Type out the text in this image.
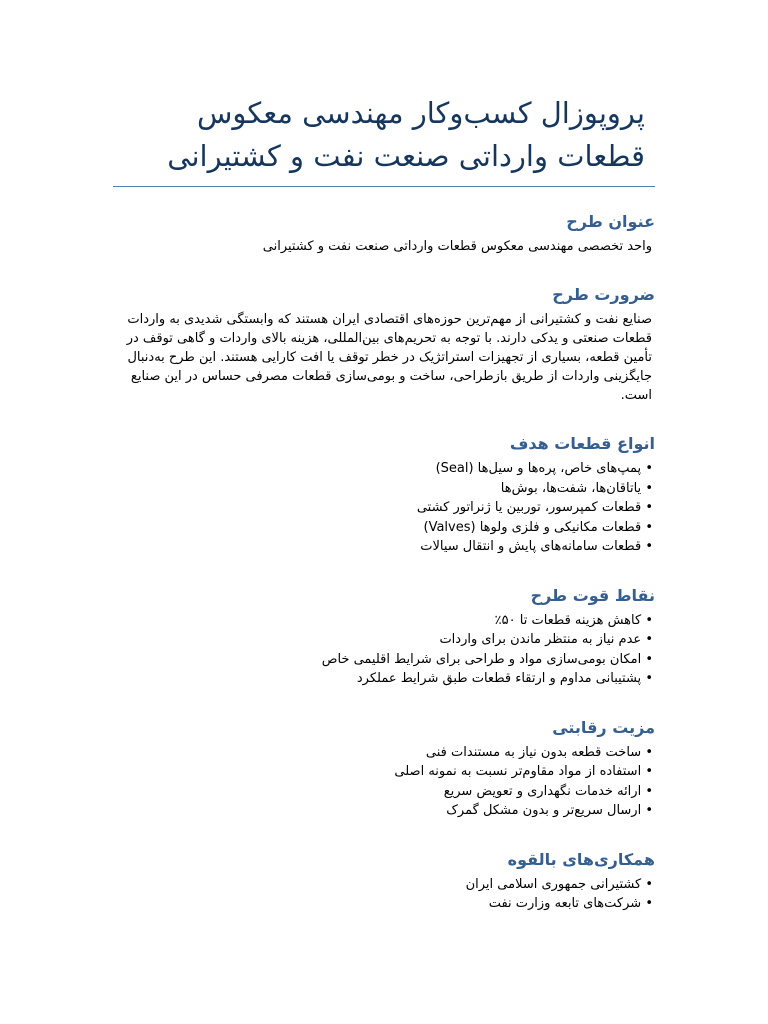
پروپوزال کسب‌وکار مهندسی معکوس قطعات وارداتی صنعت نفت و کشتیرانی
عنوان طرح

واحد تخصصی مهندسی معکوس قطعات وارداتی صنعت نفت و کشتیرانی

ضرورت طرح

صنایع نفت و کشتیرانی از مهم‌ترین حوزه‌های اقتصادی ایران هستند که وابستگی شدیدی به واردات قطعات صنعتی و یدکی دارند. با توجه به تحریم‌های بین‌المللی، هزینه بالای واردات و گاهی توقف در تأمین قطعه، بسیاری از تجهیزات استراتژیک در خطر توقف یا افت کارایی هستند. این طرح به‌دنبال جایگزینی واردات از طریق بازطراحی، ساخت و بومی‌سازی قطعات مصرفی حساس در این صنایع است.

انواع قطعات هدف
• پمپ‌های خاص، پره‌ها و سیل‌ها (Seal)
• یاتاقان‌ها، شفت‌ها، بوش‌ها
• قطعات کمپرسور، توربین یا ژنراتور کشتی
• قطعات مکانیکی و فلزی ولوها (Valves)
• قطعات سامانه‌های پایش و انتقال سیالات
نقاط قوت طرح
• کاهش هزینه قطعات تا ۵۰٪
• عدم نیاز به منتظر ماندن برای واردات
• امکان بومی‌سازی مواد و طراحی برای شرایط اقلیمی خاص
• پشتیبانی مداوم و ارتقاء قطعات طبق شرایط عملکرد
مزیت رقابتی
• ساخت قطعه بدون نیاز به مستندات فنی
• استفاده از مواد مقاوم‌تر نسبت به نمونه اصلی
• ارائه خدمات نگهداری و تعویض سریع
• ارسال سریع‌تر و بدون مشکل گمرک
همکاری‌های بالقوه
• کشتیرانی جمهوری اسلامی ایران
• شرکت‌های تابعه وزارت نفت
